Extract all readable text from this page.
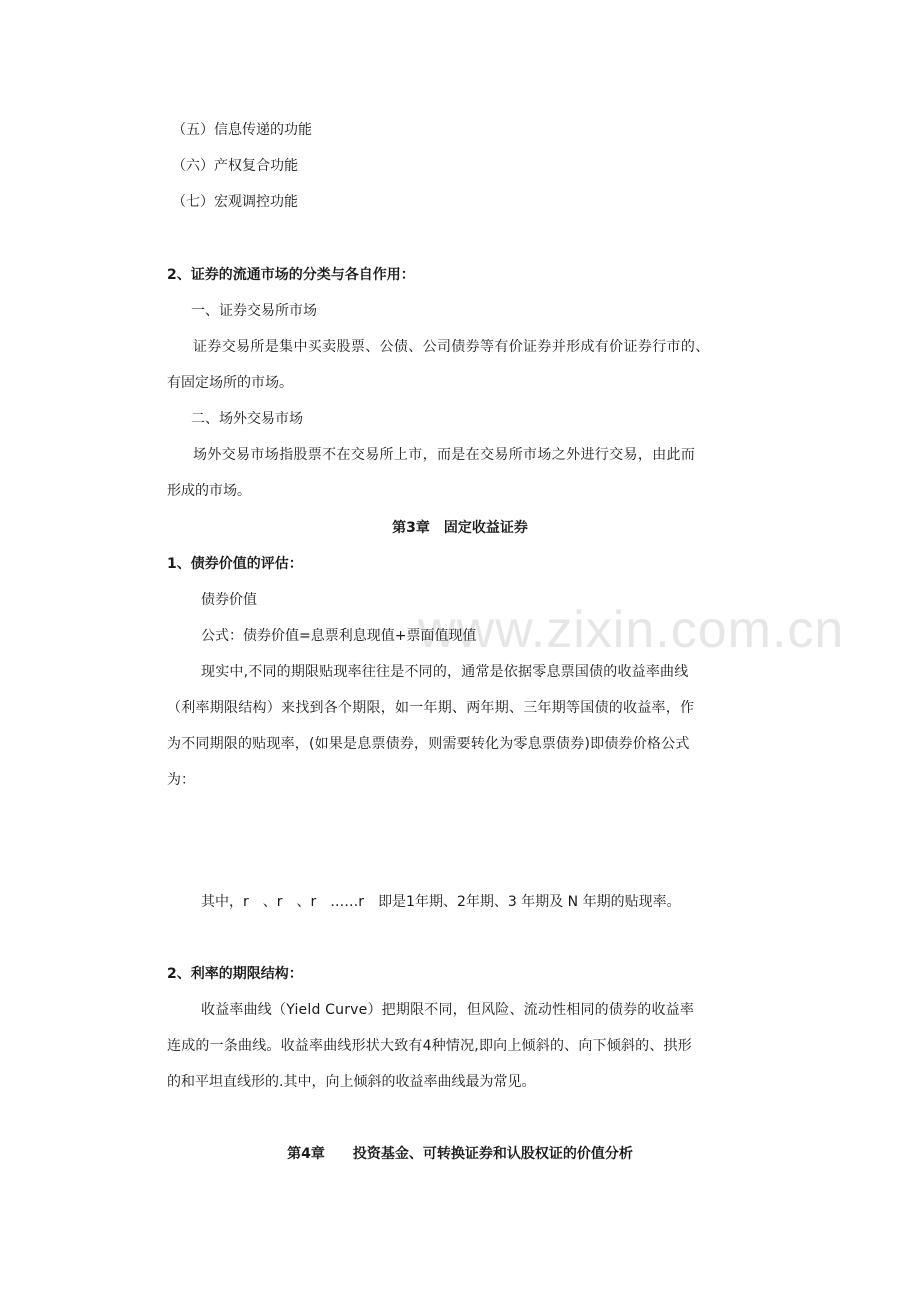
www.zixin.com.cn
（五）信息传递的功能
（六）产权复合功能
（七）宏观调控功能
2、证券的流通市场的分类与各自作用：
一、证券交易所市场
证券交易所是集中买卖股票、公债、公司债券等有价证券并形成有价证券行市的、
有固定场所的市场。
二、场外交易市场
场外交易市场指股票不在交易所上市，而是在交易所市场之外进行交易，由此而
形成的市场。
第3章　固定收益证券
1、债券价值的评估：
债券价值
公式：债券价值=息票利息现值+票面值现值
现实中,不同的期限贴现率往往是不同的，通常是依据零息票国债的收益率曲线
（利率期限结构）来找到各个期限，如一年期、两年期、三年期等国债的收益率，作
为不同期限的贴现率，(如果是息票债券，则需要转化为零息票债券)即债券价格公式
为：
其中，r 、r 、r ……r 即是1年期、2年期、3 年期及 N 年期的贴现率。
2、利率的期限结构：
收益率曲线（Yield Curve）把期限不同，但风险、流动性相同的债券的收益率
连成的一条曲线。收益率曲线形状大致有4种情况,即向上倾斜的、向下倾斜的、拱形
的和平坦直线形的.其中，向上倾斜的收益率曲线最为常见。
第4章　　投资基金、可转换证券和认股权证的价值分析
